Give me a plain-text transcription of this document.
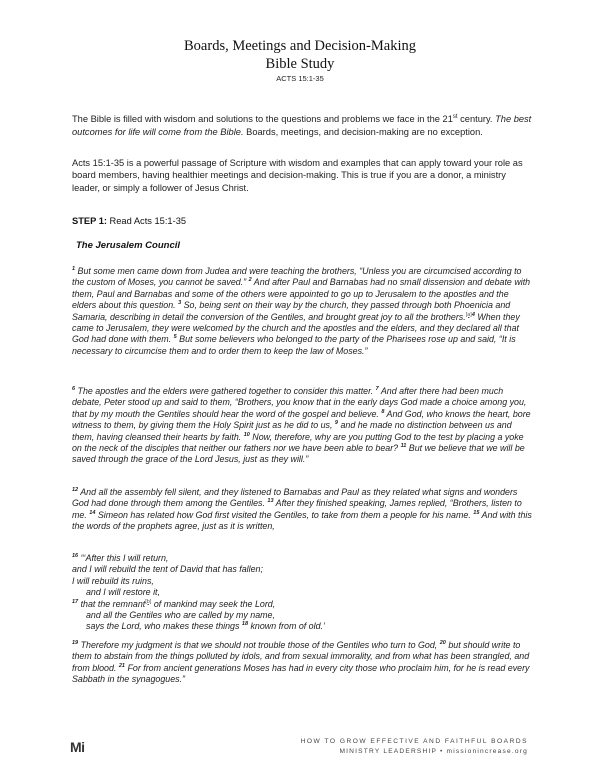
Boards, Meetings and Decision-Making
Bible Study
ACTS 15:1-35
The Bible is filled with wisdom and solutions to the questions and problems we face in the 21st century. The best outcomes for life will come from the Bible. Boards, meetings, and decision-making are no exception.
Acts 15:1-35 is a powerful passage of Scripture with wisdom and examples that can apply toward your role as board members, having healthier meetings and decision-making. This is true if you are a donor, a ministry leader, or simply a follower of Jesus Christ.
STEP 1: Read Acts 15:1-35
The Jerusalem Council
$^1$ But some men came down from Judea and were teaching the brothers, “Unless you are circumcised according to the custom of Moses, you cannot be saved.” $^2$ And after Paul and Barnabas had no small dissension and debate with them, Paul and Barnabas and some of the others were appointed to go up to Jerusalem to the apostles and the elders about this question. $^3$ So, being sent on their way by the church, they passed through both Phoenicia and Samaria, describing in detail the conversion of the Gentiles, and brought great joy to all the brothers.$^{[a]4}$ When they came to Jerusalem, they were welcomed by the church and the apostles and the elders, and they declared all that God had done with them. $^5$ But some believers who belonged to the party of the Pharisees rose up and said, “It is necessary to circumcise them and to order them to keep the law of Moses.”
$^6$ The apostles and the elders were gathered together to consider this matter. $^7$ And after there had been much debate, Peter stood up and said to them, “Brothers, you know that in the early days God made a choice among you, that by my mouth the Gentiles should hear the word of the gospel and believe. $^8$ And God, who knows the heart, bore witness to them, by giving them the Holy Spirit just as he did to us, $^9$ and he made no distinction between us and them, having cleansed their hearts by faith. $^{10}$ Now, therefore, why are you putting God to the test by placing a yoke on the neck of the disciples that neither our fathers nor we have been able to bear? $^{11}$ But we believe that we will be saved through the grace of the Lord Jesus, just as they will.”
$^{12}$ And all the assembly fell silent, and they listened to Barnabas and Paul as they related what signs and wonders God had done through them among the Gentiles. $^{13}$ After they finished speaking, James replied, “Brothers, listen to me. $^{14}$ Simeon has related how God first visited the Gentiles, to take from them a people for his name. $^{15}$ And with this the words of the prophets agree, just as it is written,
$^{16}$ “‘After this I will return,
and I will rebuild the tent of David that has fallen;
I will rebuild its ruins,
and I will restore it,
$^{17}$ that the remnant[b] of mankind may seek the Lord,
and all the Gentiles who are called by my name,
says the Lord, who makes these things $^{18}$ known from of old.’
$^{19}$ Therefore my judgment is that we should not trouble those of the Gentiles who turn to God, $^{20}$ but should write to them to abstain from the things polluted by idols, and from sexual immorality, and from what has been strangled, and from blood. $^{21}$ For from ancient generations Moses has had in every city those who proclaim him, for he is read every Sabbath in the synagogues.”
Mi	HOW TO GROW EFFECTIVE AND FAITHFUL BOARDS
MINISTRY LEADERSHIP • missionincrease.org
